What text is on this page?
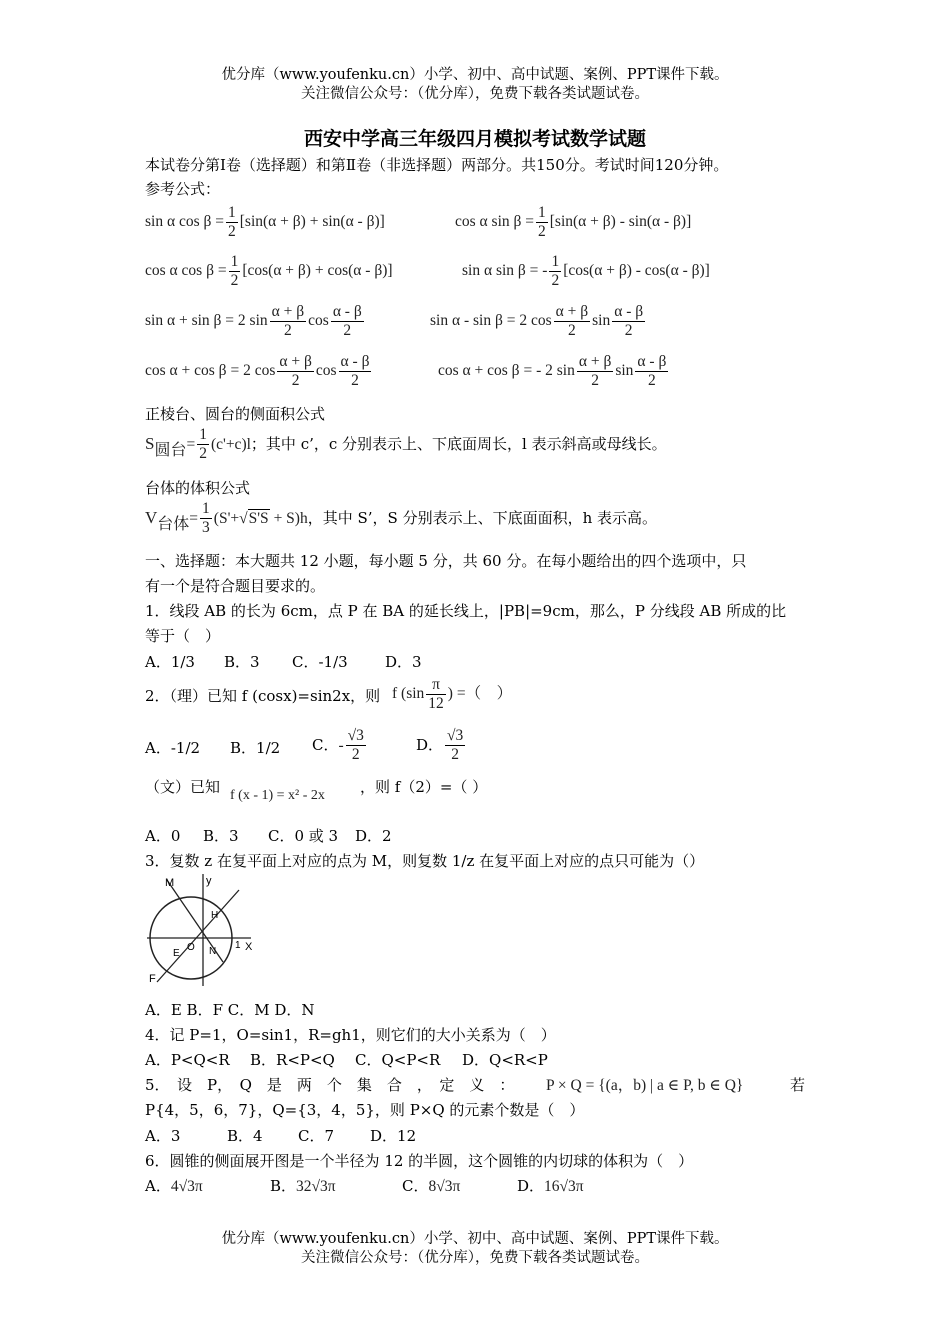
优分库（www.youfenku.cn）小学、初中、高中试题、案例、PPT课件下载。
关注微信公众号：（优分库），免费下载各类试题试卷。
西安中学高三年级四月模拟考试数学试题
本试卷分第Ⅰ卷（选择题）和第Ⅱ卷（非选择题）两部分。共150分。考试时间120分钟。
参考公式：
sin α $\cos \beta = \frac{1}{2} [\sin(\alpha + \beta) + \sin(\alpha - \beta)]$	cos α $\sin \beta = \frac{1}{2} [\sin(\alpha + \beta) - \sin(\alpha - \beta)]$
cos α $\cos \beta = \frac{1}{2} [\cos(\alpha + \beta) + \cos(\alpha - \beta)]$	sin α sin β = - $\frac{1}{2} [\cos(\alpha + \beta) - \cos(\alpha - \beta)]$
sin α + sin β = 2 $\sin \frac{\alpha + \beta}{2}$ $\cos \frac{\alpha - \beta}{2}$	sin α - sin β = 2 $\cos \frac{\alpha + \beta}{2}$ $\sin \frac{\alpha - \beta}{2}$
cos α + cos β = 2 $\cos \frac{\alpha + \beta}{2}$ $\cos \frac{\alpha - \beta}{2}$	cos α + cos β = - 2 $\sin \frac{\alpha + \beta}{2}$ $\sin \frac{\alpha - \beta}{2}$
正棱台、圆台的侧面积公式
$S_{圆台}= \frac{1}{2} (c'+c)l$；其中 c’，c 分别表示上、下底面周长，l 表示斜高或母线长。
台体的体积公式
$V_{台体}= \frac{1}{3} (S'+√S'S + S)h$，其中 S’，S 分别表示上、下底面面积，h 表示高。
一、选择题：本大题共 12 小题，每小题 5 分，共 60 分。在每小题给出的四个选项中，只
有一个是符合题目要求的。
1．线段 AB 的长为 6cm，点 P 在 BA 的延长线上，|PB|=9cm，那么，P 分线段 AB 所成的比
等于（　）
A．1/3 B．3 C．-1/3 D．3
2．（理）已知 f (cosx)=sin2x，则 f ($\sin \frac{\pi}{12}$ ) =（　）
A．-1/2 B．1/2 C．- $\frac{√3}{2}$	D． $\frac{√3}{2}$
（文）已知 f (x - 1) = x² - 2x ，则 f（2）=（ ）
A．0 B．3 C．0 或 3 D．2
3．复数 z 在复平面上对应的点为 M，则复数 1/z 在复平面上对应的点只可能为（）
M	y
H
E
O N
1 X
F
A．E B．F C．M D．N
4．记 P=1，O=sin1，R=gh1，则它们的大小关系为（　）
A．P<Q<R B．R<P<Q C．Q<P<R D．Q<R<P
5．　设　P，　Q　是　两　个　集　合　，　定　义　： P × Q = {(a，b) | a ∈ P, b ∈ Q}	若
P{4，5，6，7}，Q={3，4，5}，则 P×Q 的元素个数是（　）
A．3	B．4 C．7 D．12
6．圆锥的侧面展开图是一个半径为 12 的半圆，这个圆锥的内切球的体积为（　）
A．4√3π	B．32√3π	C．8√3π	D．16√3π
优分库（www.youfenku.cn）小学、初中、高中试题、案例、PPT课件下载。
关注微信公众号：（优分库），免费下载各类试题试卷。
